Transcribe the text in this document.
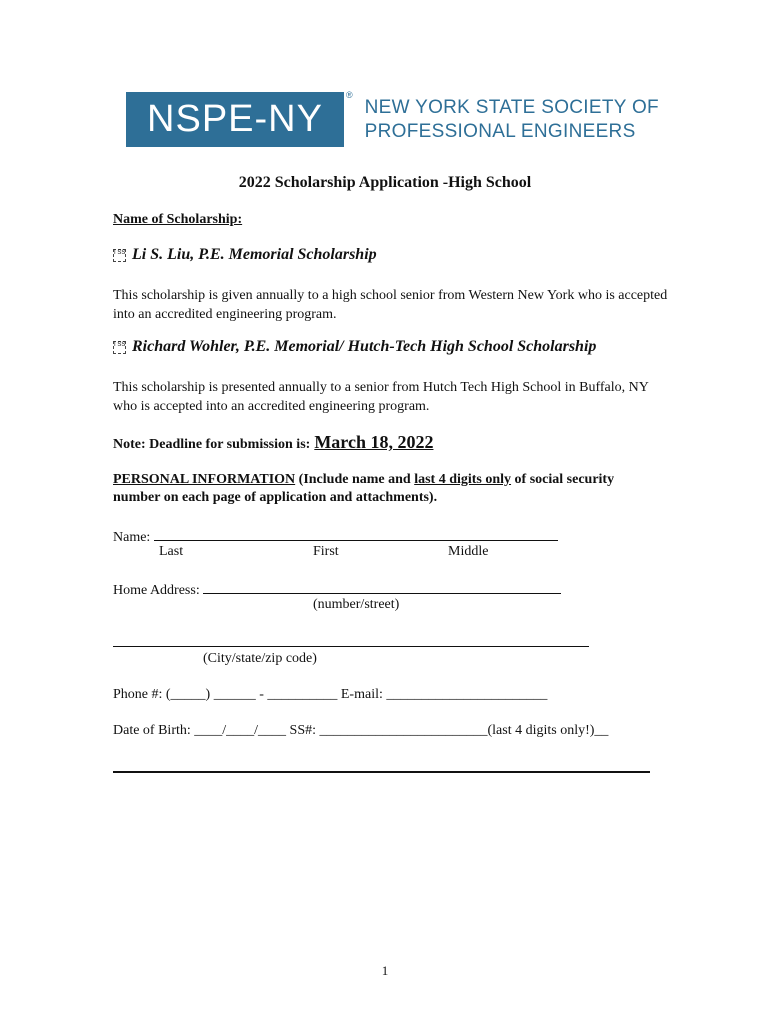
NSPE-NY
®
NEW YORK STATE SOCIETY OF
PROFESSIONAL ENGINEERS
2022 Scholarship Application -High School
Name of Scholarship:
I SS Li S. Liu, P.E. Memorial Scholarship
This scholarship is given annually to a high school senior from Western New York who is accepted into an accredited engineering program.
I SS Richard Wohler, P.E. Memorial/ Hutch-Tech High School Scholarship
This scholarship is presented annually to a senior from Hutch Tech High School in Buffalo, NY who is accepted into an accredited engineering program.
Note: Deadline for submission is: March 18, 2022
PERSONAL INFORMATION (Include name and last 4 digits only of social security
number on each page of application and attachments).
Name:
Last	First	Middle
Home Address:
(number/street)
(City/state/zip code)
Phone #: (_____) ______ - __________ E-mail: _______________________
Date of Birth: ____/____/____ SS#: ________________________(last 4 digits only!)__
1
